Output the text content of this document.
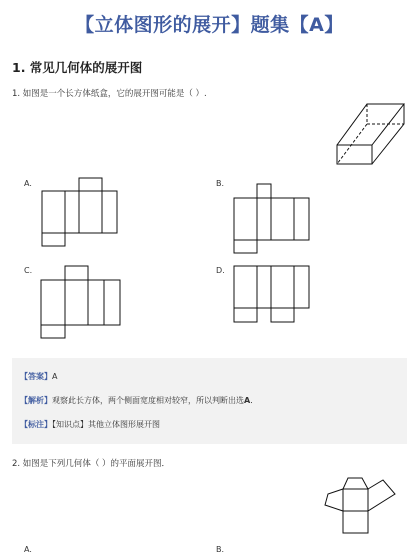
【立体图形的展开】题集【A】
1. 常见几何体的展开图
1. 如图是一个长方体纸盒，它的展开图可能是（ ）.
A.	B.
C.	D.
【答案】A
【解析】观察此长方体，两个侧面宽度相对较窄，所以判断出选A．
【标注】【知识点】其他立体图形展开图
2. 如图是下列几何体（ ）的平面展开图．
A.	B.
